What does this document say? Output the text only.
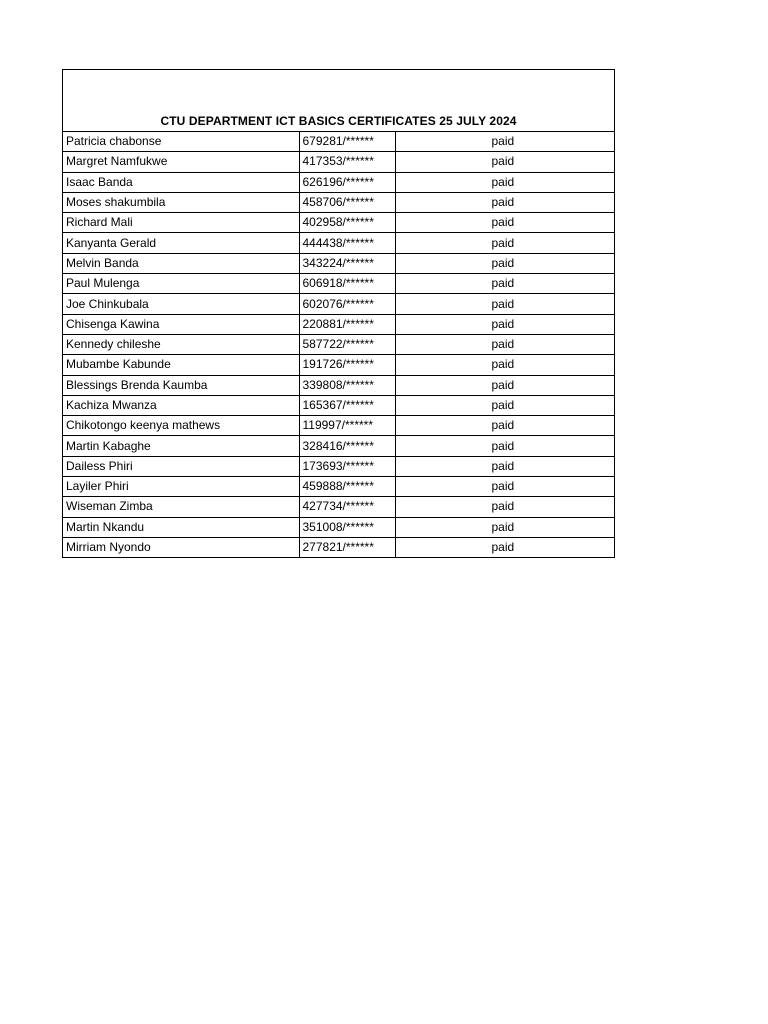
CTU DEPARTMENT ICT BASICS CERTIFICATES 25 JULY 2024
Patricia chabonse	679281/******	paid
Margret Namfukwe	417353/******	paid
Isaac Banda	626196/******	paid
Moses shakumbila	458706/******	paid
Richard Mali	402958/******	paid
Kanyanta Gerald	444438/******	paid
Melvin Banda	343224/******	paid
Paul Mulenga	606918/******	paid
Joe Chinkubala	602076/******	paid
Chisenga Kawina	220881/******	paid
Kennedy chileshe	587722/******	paid
Mubambe Kabunde	191726/******	paid
Blessings Brenda Kaumba	339808/******	paid
Kachiza Mwanza	165367/******	paid
Chikotongo keenya mathews	119997/******	paid
Martin Kabaghe	328416/******	paid
Dailess Phiri	173693/******	paid
Layiler Phiri	459888/******	paid
Wiseman Zimba	427734/******	paid
Martin Nkandu	351008/******	paid
Mirriam Nyondo	277821/******	paid
